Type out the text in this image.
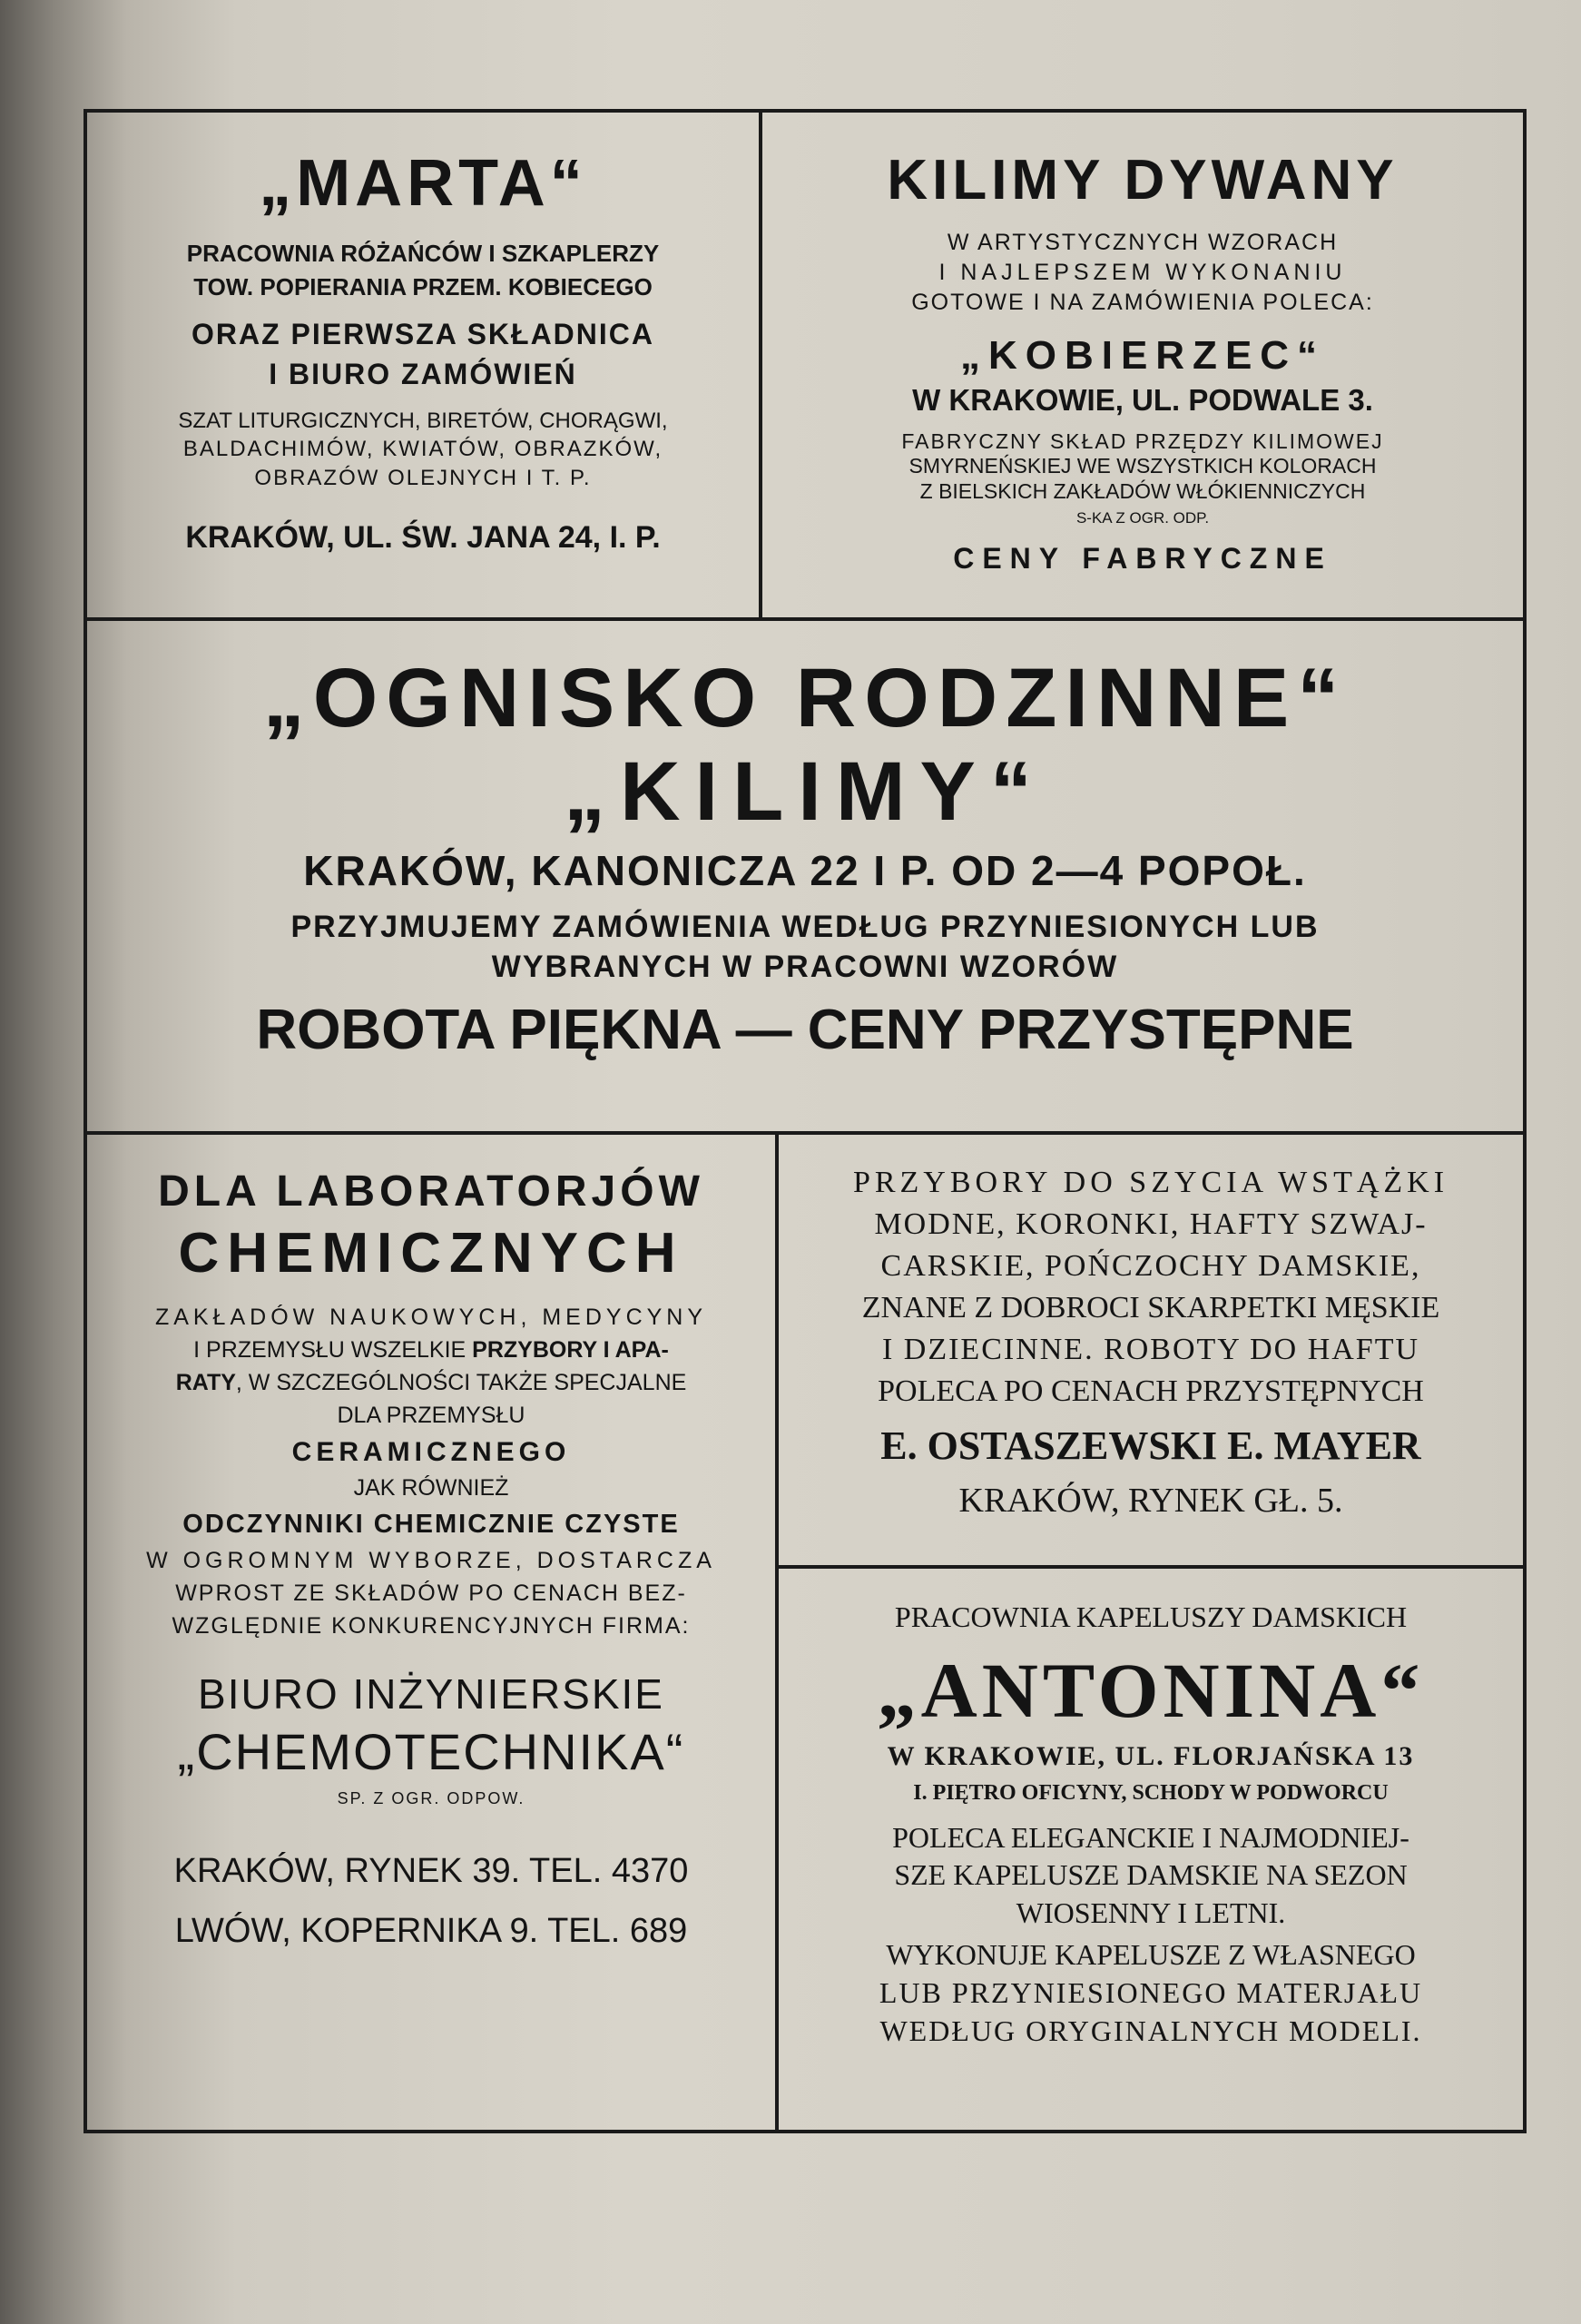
„MARTA“
PRACOWNIA RÓŻAŃCÓW I SZKAPLERZY
TOW. POPIERANIA PRZEM. KOBIECEGO
ORAZ PIERWSZA SKŁADNICA
I BIURO ZAMÓWIEŃ
SZAT LITURGICZNYCH, BIRETÓW, CHORĄGWI,
BALDACHIMÓW, KWIATÓW, OBRAZKÓW,
OBRAZÓW OLEJNYCH I T. P.
KRAKÓW, UL. ŚW. JANA 24, I. P.
KILIMY DYWANY
W ARTYSTYCZNYCH WZORACH
I NAJLEPSZEM WYKONANIU
GOTOWE I NA ZAMÓWIENIA POLECA:
„KOBIERZEC“
W KRAKOWIE, UL. PODWALE 3.
FABRYCZNY SKŁAD PRZĘDZY KILIMOWEJ
SMYRNEŃSKIEJ WE WSZYSTKICH KOLORACH
Z BIELSKICH ZAKŁADÓW WŁÓKIENNICZYCH
S-KA Z OGR. ODP.
CENY FABRYCZNE
„OGNISKO RODZINNE“
„KILIMY“
KRAKÓW, KANONICZA 22 I P. OD 2—4 POPOŁ.
PRZYJMUJEMY ZAMÓWIENIA WEDŁUG PRZYNIESIONYCH LUB
WYBRANYCH W PRACOWNI WZORÓW
ROBOTA PIĘKNA — CENY PRZYSTĘPNE
DLA LABORATORJÓW
CHEMICZNYCH
ZAKŁADÓW NAUKOWYCH, MEDYCYNY
I PRZEMYSŁU WSZELKIE PRZYBORY I APA-
RATY, W SZCZEGÓLNOŚCI TAKŻE SPECJALNE
DLA PRZEMYSŁU
CERAMICZNEGO
JAK RÓWNIEŻ
ODCZYNNIKI CHEMICZNIE CZYSTE
W OGROMNYM WYBORZE, DOSTARCZA
WPROST ZE SKŁADÓW PO CENACH BEZ-
WZGLĘDNIE KONKURENCYJNYCH FIRMA:
BIURO INŻYNIERSKIE
„CHEMOTECHNIKA“
SP. Z OGR. ODPOW.
KRAKÓW, RYNEK 39. TEL. 4370
LWÓW, KOPERNIKA 9. TEL. 689
PRZYBORY DO SZYCIA WSTĄŻKI
MODNE, KORONKI, HAFTY SZWAJ-
CARSKIE, POŃCZOCHY DAMSKIE,
ZNANE Z DOBROCI SKARPETKI MĘSKIE
I DZIECINNE. ROBOTY DO HAFTU
POLECA PO CENACH PRZYSTĘPNYCH
E. OSTASZEWSKI E. MAYER
KRAKÓW, RYNEK GŁ. 5.
PRACOWNIA KAPELUSZY DAMSKICH
„ANTONINA“
W KRAKOWIE, UL. FLORJAŃSKA 13
I. PIĘTRO OFICYNY, SCHODY W PODWORCU
POLECA ELEGANCKIE I NAJMODNIEJ-
SZE KAPELUSZE DAMSKIE NA SEZON
WIOSENNY I LETNI.
WYKONUJE KAPELUSZE Z WŁASNEGO
LUB PRZYNIESIONEGO MATERJAŁU
WEDŁUG ORYGINALNYCH MODELI.
